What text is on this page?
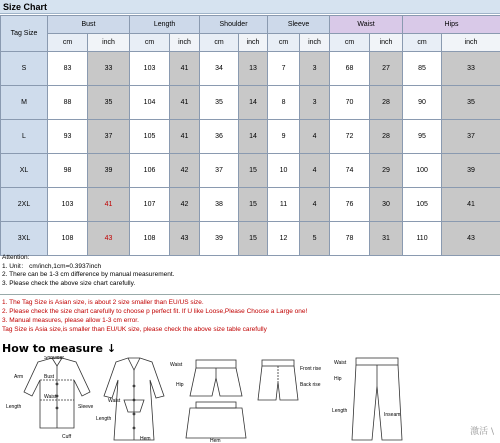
Size Chart
Tag Size	Bust		Length		Shoulder		Sleeve		Waist		Hips	
	cm	inch	cm	inch	cm	inch	cm	inch	cm	inch	cm	inch
S	83	33	103	41	34	13	7	3	68	27	85	33
M	88	35	104	41	35	14	8	3	70	28	90	35
L	93	37	105	41	36	14	9	4	72	28	95	37
XL	98	39	106	42	37	15	10	4	74	29	100	39
2XL	103	41	107	42	38	15	11	4	76	30	105	41
3XL	108	43	108	43	39	15	12	5	78	31	110	43
Attention:
1. Unit： cm/inch,1cm=0.3937inch
2. There can be 1-3 cm difference by manual measurement.
3. Please check the above size chart carefully.
1. The Tag Size is Asian size, is about 2 size smaller than EU/US size.
2. Please check the size chart carefully to choose p perfect fit. If U like Loose,Please Choose a Large one!
3. Manual measures, please allow 1-3 cm error.
Tag Size is Asia size,is smaller than EU/UK size, please check the above size table carefully
How to measure ↓
Shoulder
Arm	Bust
Waist
Length	Sleeve
Cuff
Waist
Length
Hem
Waist
Hip
Hem
Front rise
Back rise
Waist
Hip
Length
Inseam
激活 \
